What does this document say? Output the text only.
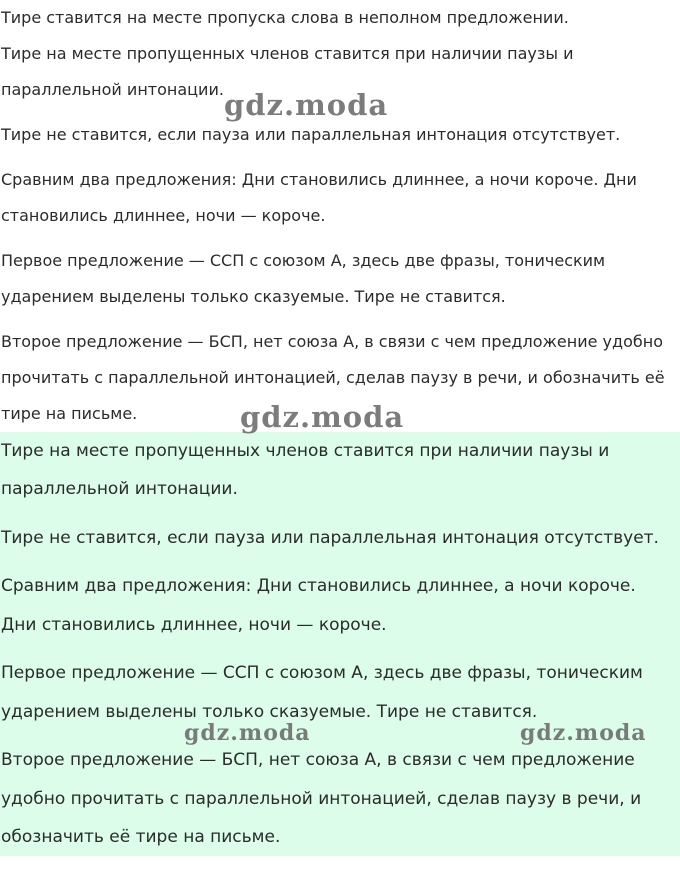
Тире ставится на месте пропуска слова в неполном предложении.

Тире на месте пропущенных членов ставится при наличии паузы и

параллельной интонации.

Тире не ставится, если пауза или параллельная интонация отсутствует.

Сравним два предложения: Дни становились длиннее, а ночи короче. Дни

становились длиннее, ночи — короче.

Первое предложение — ССП с союзом А, здесь две фразы, тоническим

ударением выделены только сказуемые. Тире не ставится.

Второе предложение — БСП, нет союза А, в связи с чем предложение удобно

прочитать с параллельной интонацией, сделав паузу в речи, и обозначить её

тире на письме.

Тире на месте пропущенных членов ставится при наличии паузы и

параллельной интонации.

Тире не ставится, если пауза или параллельная интонация отсутствует.

Сравним два предложения: Дни становились длиннее, а ночи короче.

Дни становились длиннее, ночи — короче.

Первое предложение — ССП с союзом А, здесь две фразы, тоническим

ударением выделены только сказуемые. Тире не ставится.

Второе предложение — БСП, нет союза А, в связи с чем предложение

удобно прочитать с параллельной интонацией, сделав паузу в речи, и

обозначить её тире на письме.

gdz.moda
gdz.moda
gdz.moda	gdz.moda
